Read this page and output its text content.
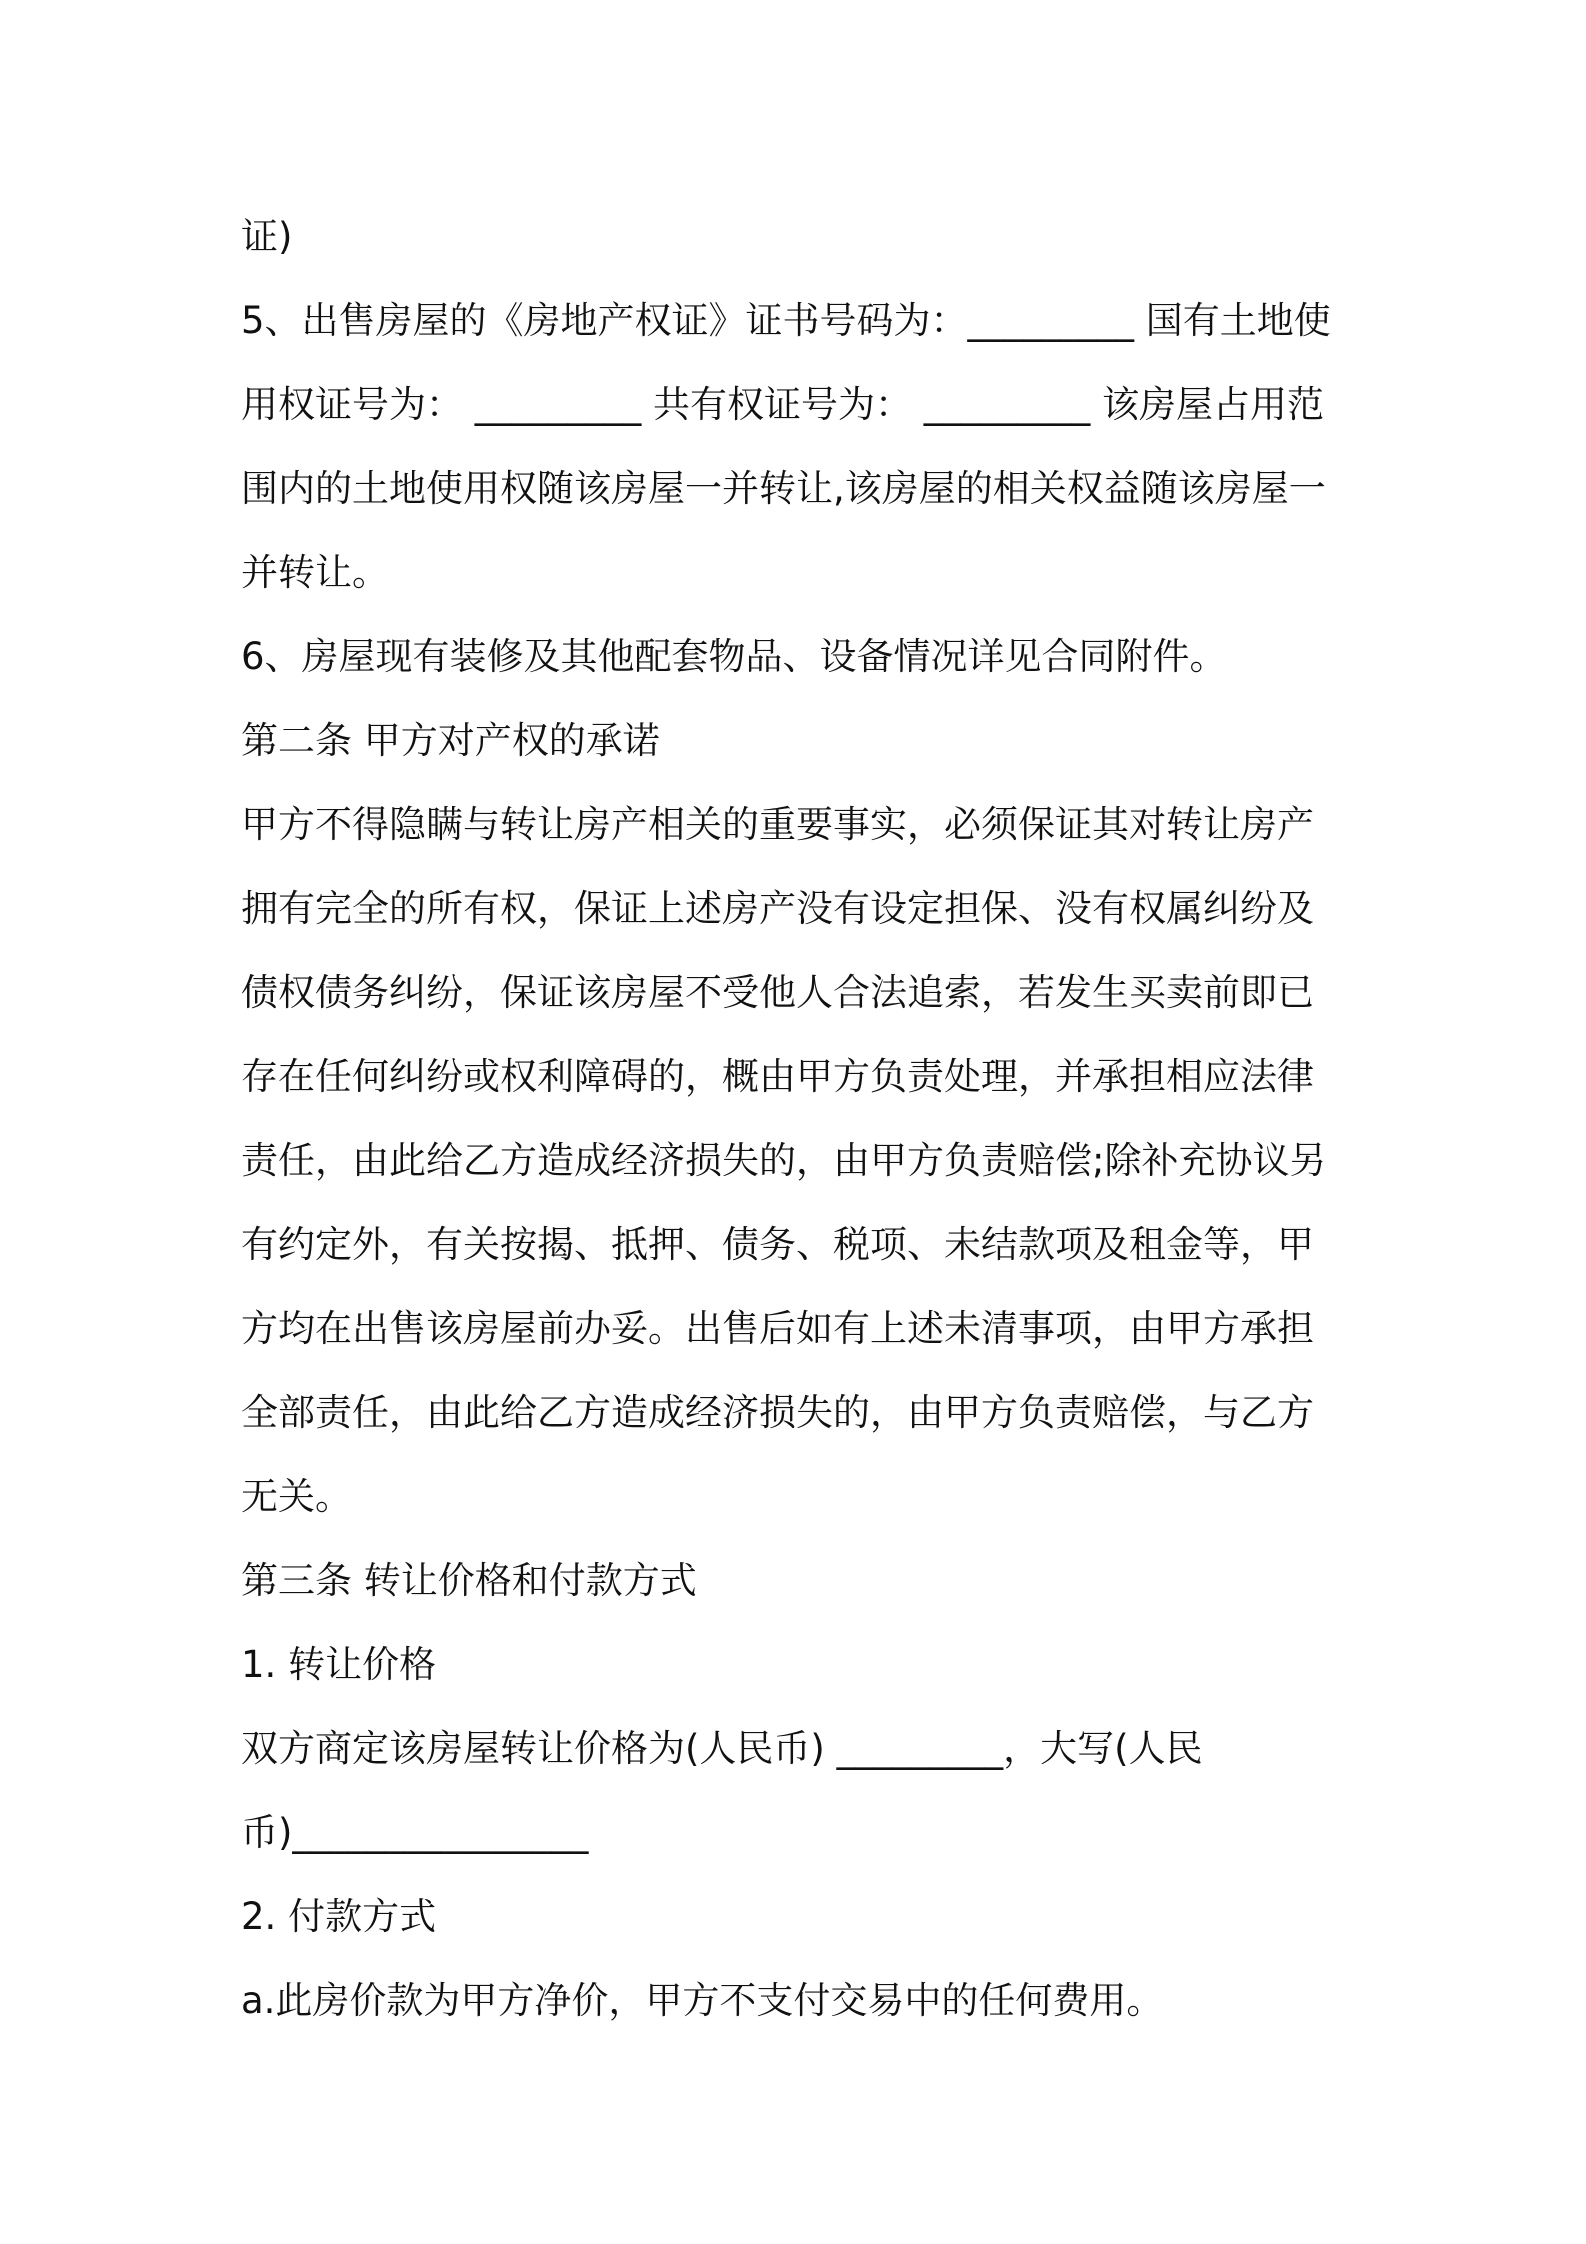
证)
5、出售房屋的《房地产权证》证书号码为：_________ 国有土地使
用权证号为： _________ 共有权证号为： _________ 该房屋占用范
围内的土地使用权随该房屋一并转让,该房屋的相关权益随该房屋一
并转让。
6、房屋现有装修及其他配套物品、设备情况详见合同附件。
第二条 甲方对产权的承诺
甲方不得隐瞒与转让房产相关的重要事实，必须保证其对转让房产
拥有完全的所有权，保证上述房产没有设定担保、没有权属纠纷及
债权债务纠纷，保证该房屋不受他人合法追索，若发生买卖前即已
存在任何纠纷或权利障碍的，概由甲方负责处理，并承担相应法律
责任，由此给乙方造成经济损失的，由甲方负责赔偿;除补充协议另
有约定外，有关按揭、抵押、债务、税项、未结款项及租金等，甲
方均在出售该房屋前办妥。出售后如有上述未清事项，由甲方承担
全部责任，由此给乙方造成经济损失的，由甲方负责赔偿，与乙方
无关。
第三条 转让价格和付款方式
1. 转让价格
双方商定该房屋转让价格为(人民币) _________，大写(人民
币)________________
2. 付款方式
a.此房价款为甲方净价，甲方不支付交易中的任何费用。
